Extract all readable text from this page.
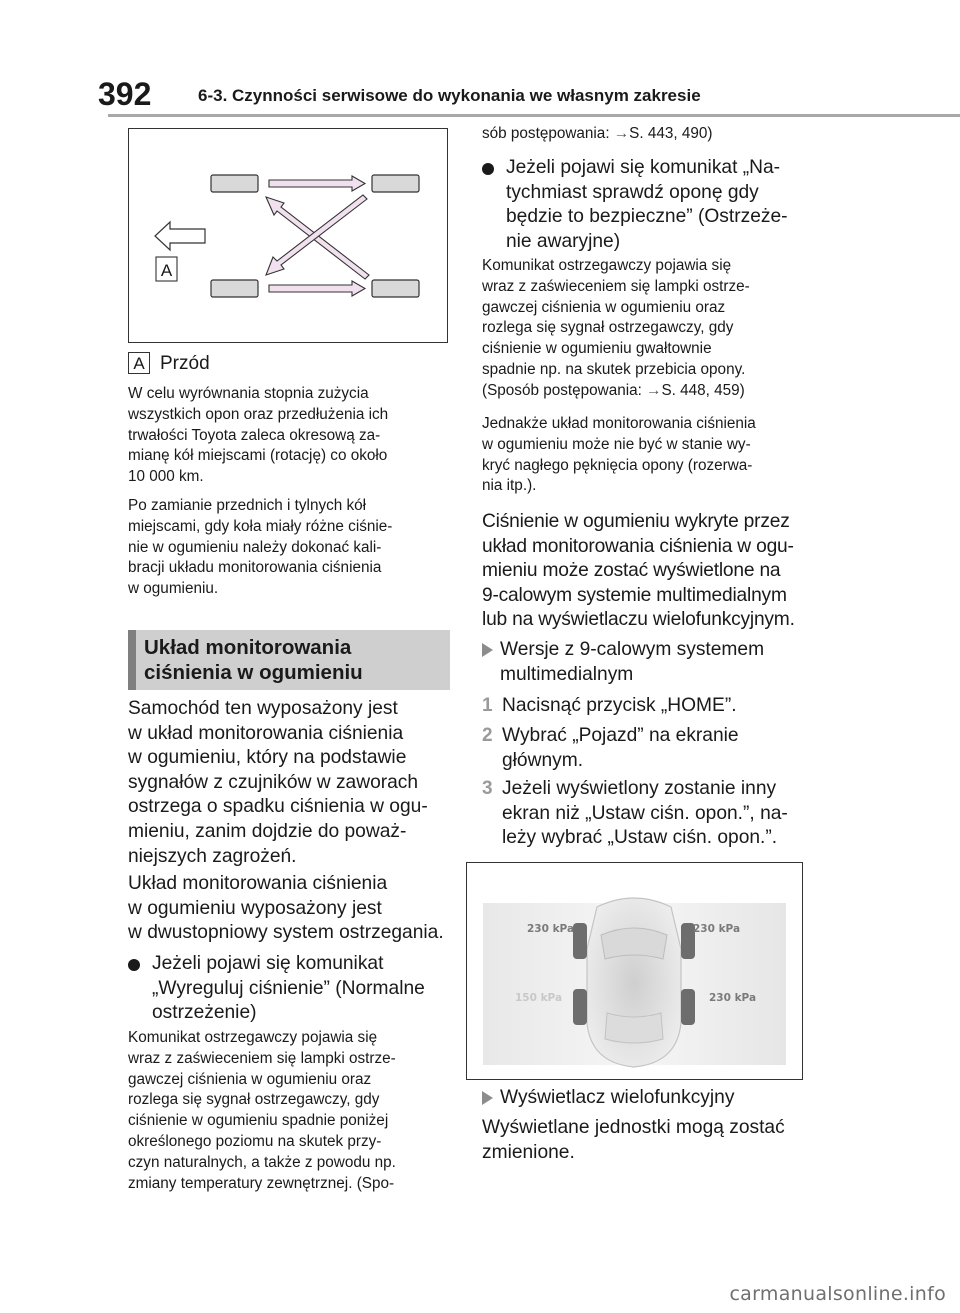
392	6-3. Czynności serwisowe do wykonania we własnym zakresie
A
A Przód
W celu wyrównania stopnia zużycia
wszystkich opon oraz przedłużenia ich
trwałości Toyota zaleca okresową za-
mianę kół miejscami (rotację) co około
10 000 km.
Po zamianie przednich i tylnych kół
miejscami, gdy koła miały różne ciśnie-
nie w ogumieniu należy dokonać kali-
bracji układu monitorowania ciśnienia
w ogumieniu.
Układ monitorowania
ciśnienia w ogumieniu
Samochód ten wyposażony jest
w układ monitorowania ciśnienia
w ogumieniu, który na podstawie
sygnałów z czujników w zaworach
ostrzega o spadku ciśnienia w ogu-
mieniu, zanim dojdzie do poważ-
niejszych zagrożeń.
Układ monitorowania ciśnienia
w ogumieniu wyposażony jest
w dwustopniowy system ostrzegania.
Jeżeli pojawi się komunikat
„Wyreguluj ciśnienie” (Normalne
ostrzeżenie)
Komunikat ostrzegawczy pojawia się
wraz z zaświeceniem się lampki ostrze-
gawczej ciśnienia w ogumieniu oraz
rozlega się sygnał ostrzegawczy, gdy
ciśnienie w ogumieniu spadnie poniżej
określonego poziomu na skutek przy-
czyn naturalnych, a także z powodu np.
zmiany temperatury zewnętrznej. (Spo-
sób postępowania: →S. 443, 490)
Jeżeli pojawi się komunikat „Na-
tychmiast sprawdź oponę gdy
będzie to bezpieczne” (Ostrzeże-
nie awaryjne)
Komunikat ostrzegawczy pojawia się
wraz z zaświeceniem się lampki ostrze-
gawczej ciśnienia w ogumieniu oraz
rozlega się sygnał ostrzegawczy, gdy
ciśnienie w ogumieniu gwałtownie
spadnie np. na skutek przebicia opony.
(Sposób postępowania: →S. 448, 459)
Jednakże układ monitorowania ciśnienia
w ogumieniu może nie być w stanie wy-
kryć nagłego pęknięcia opony (rozerwa-
nia itp.).
Ciśnienie w ogumieniu wykryte przez
układ monitorowania ciśnienia w ogu-
mieniu może zostać wyświetlone na
9-calowym systemie multimedialnym
lub na wyświetlaczu wielofunkcyjnym.
Wersje z 9-calowym systemem
multimedialnym
1 Nacisnąć przycisk „HOME”.
2 Wybrać „Pojazd” na ekranie
głównym.
3 Jeżeli wyświetlony zostanie inny
ekran niż „Ustaw ciśn. opon.”, na-
leży wybrać „Ustaw ciśn. opon.”.
230 kPa	230 kPa
150 kPa	230 kPa
Wyświetlacz wielofunkcyjny
Wyświetlane jednostki mogą zostać
zmienione.
carmanualsonline.info
